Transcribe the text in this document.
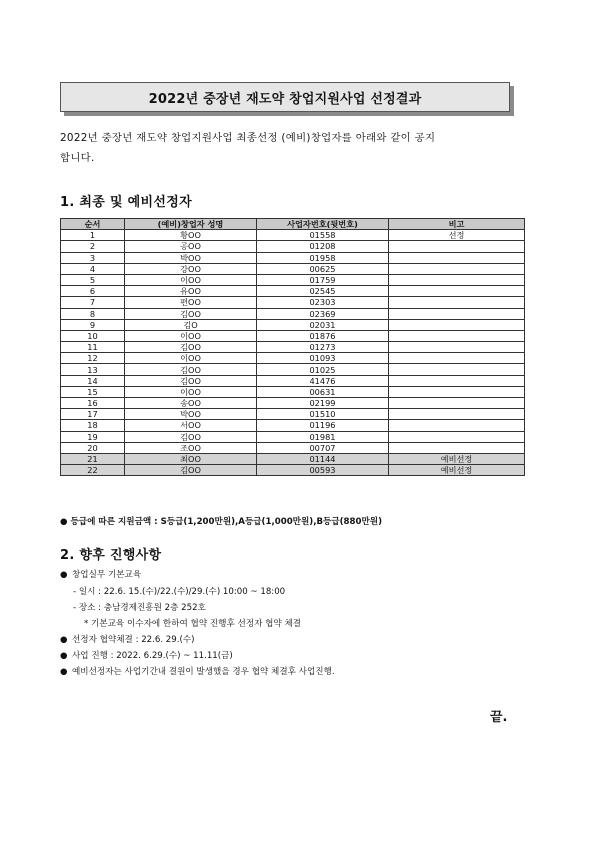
2022년 중장년 재도약 창업지원사업 선정결과
2022년 중장년 재도약 창업지원사업 최종선정 (예비)창업자를 아래와 같이 공지
합니다.
1. 최종 및 예비선정자
순서	(예비)창업자 성명	사업자번호(뒷번호)	비고
1	황OO	01558	선정
2	공OO	01208	
3	박OO	01958	
4	강OO	00625	
5	이OO	01759	
6	유OO	02545	
7	편OO	02303	
8	김OO	02369	
9	김O	02031	
10	이OO	01876	
11	김OO	01273	
12	이OO	01093	
13	김OO	01025	
14	김OO	41476	
15	이OO	00631	
16	송OO	02199	
17	박OO	01510	
18	서OO	01196	
19	김OO	01981	
20	조OO	00707	
21	최OO	01144	예비선정
22	김OO	00593	예비선정
● 등급에 따른 지원금액 : S등급(1,200만원),A등급(1,000만원),B등급(880만원)
2. 향후 진행사항
● 창업실무 기본교육
- 일시 : 22.6. 15.(수)/22.(수)/29.(수) 10:00 ~ 18:00
- 장소 : 충남경제진흥원 2층 252호
* 기본교육 이수자에 한하여 협약 진행후 선정자 협약 체결
● 선정자 협약체결 : 22.6. 29.(수)
● 사업 진행 : 2022. 6.29.(수) ~ 11.11(금)
● 예비선정자는 사업기간내 결원이 발생했을 경우 협약 체결후 사업진행.
끝.
